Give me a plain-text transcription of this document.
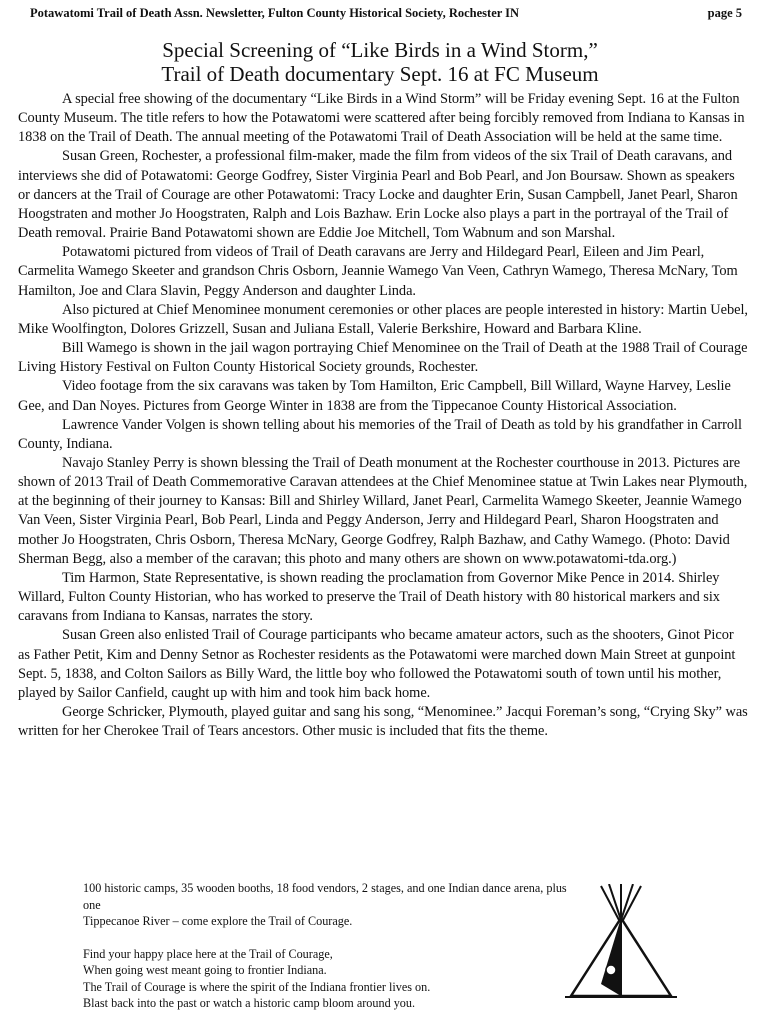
Potawatomi Trail of Death Assn. Newsletter, Fulton County Historical Society, Rochester IN	page 5
Special Screening of “Like Birds in a Wind Storm,”
Trail of Death documentary Sept. 16 at FC Museum

A special free showing of the documentary “Like Birds in a Wind Storm” will be Friday evening Sept. 16 at the Fulton County Museum. The title refers to how the Potawatomi were scattered after being forcibly removed from Indiana to Kansas in 1838 on the Trail of Death. The annual meeting of the Potawatomi Trail of Death Association will be held at the same time.

Susan Green, Rochester, a professional film-maker, made the film from videos of the six Trail of Death caravans, and interviews she did of Potawatomi: George Godfrey, Sister Virginia Pearl and Bob Pearl, and Jon Boursaw. Shown as speakers or dancers at the Trail of Courage are other Potawatomi: Tracy Locke and daughter Erin, Susan Campbell, Janet Pearl, Sharon Hoogstraten and mother Jo Hoogstraten, Ralph and Lois Bazhaw. Erin Locke also plays a part in the portrayal of the Trail of Death removal. Prairie Band Potawatomi shown are Eddie Joe Mitchell, Tom Wabnum and son Marshal.

Potawatomi pictured from videos of Trail of Death caravans are Jerry and Hildegard Pearl, Eileen and Jim Pearl, Carmelita Wamego Skeeter and grandson Chris Osborn, Jeannie Wamego Van Veen, Cathryn Wamego, Theresa McNary, Tom Hamilton, Joe and Clara Slavin, Peggy Anderson and daughter Linda.

Also pictured at Chief Menominee monument ceremonies or other places are people interested in history: Martin Uebel, Mike Woolfington, Dolores Grizzell, Susan and Juliana Estall, Valerie Berkshire, Howard and Barbara Kline.

Bill Wamego is shown in the jail wagon portraying Chief Menominee on the Trail of Death at the 1988 Trail of Courage Living History Festival on Fulton County Historical Society grounds, Rochester.

Video footage from the six caravans was taken by Tom Hamilton, Eric Campbell, Bill Willard, Wayne Harvey, Leslie Gee, and Dan Noyes. Pictures from George Winter in 1838 are from the Tippecanoe County Historical Association.

Lawrence Vander Volgen is shown telling about his memories of the Trail of Death as told by his grandfather in Carroll County, Indiana.

Navajo Stanley Perry is shown blessing the Trail of Death monument at the Rochester courthouse in 2013. Pictures are shown of 2013 Trail of Death Commemorative Caravan attendees at the Chief Menominee statue at Twin Lakes near Plymouth, at the beginning of their journey to Kansas: Bill and Shirley Willard, Janet Pearl, Carmelita Wamego Skeeter, Jeannie Wamego Van Veen, Sister Virginia Pearl, Bob Pearl, Linda and Peggy Anderson, Jerry and Hildegard Pearl, Sharon Hoogstraten and mother Jo Hoogstraten, Chris Osborn, Theresa McNary, George Godfrey, Ralph Bazhaw, and Cathy Wamego. (Photo: David Sherman Begg, also a member of the caravan; this photo and many others are shown on www.potawatomi-tda.org.)

Tim Harmon, State Representative, is shown reading the proclamation from Governor Mike Pence in 2014. Shirley Willard, Fulton County Historian, who has worked to preserve the Trail of Death history with 80 historical markers and six caravans from Indiana to Kansas, narrates the story.

Susan Green also enlisted Trail of Courage participants who became amateur actors, such as the shooters, Ginot Picor as Father Petit, Kim and Denny Setnor as Rochester residents as the Potawatomi were marched down Main Street at gunpoint Sept. 5, 1838, and Colton Sailors as Billy Ward, the little boy who followed the Potawatomi south of town until his mother, played by Sailor Canfield, caught up with him and took him back home.

George Schricker, Plymouth, played guitar and sang his song, “Menominee.” Jacqui Foreman’s song, “Crying Sky” was written for her Cherokee Trail of Tears ancestors. Other music is included that fits the theme.

100 historic camps, 35 wooden booths, 18 food vendors, 2 stages, and one Indian dance arena, plus one

Tippecanoe River – come explore the Trail of Courage.

Find your happy place here at the Trail of Courage,

When going west meant going to frontier Indiana.

The Trail of Courage is where the spirit of the Indiana frontier lives on.

Blast back into the past or watch a historic camp bloom around you.
